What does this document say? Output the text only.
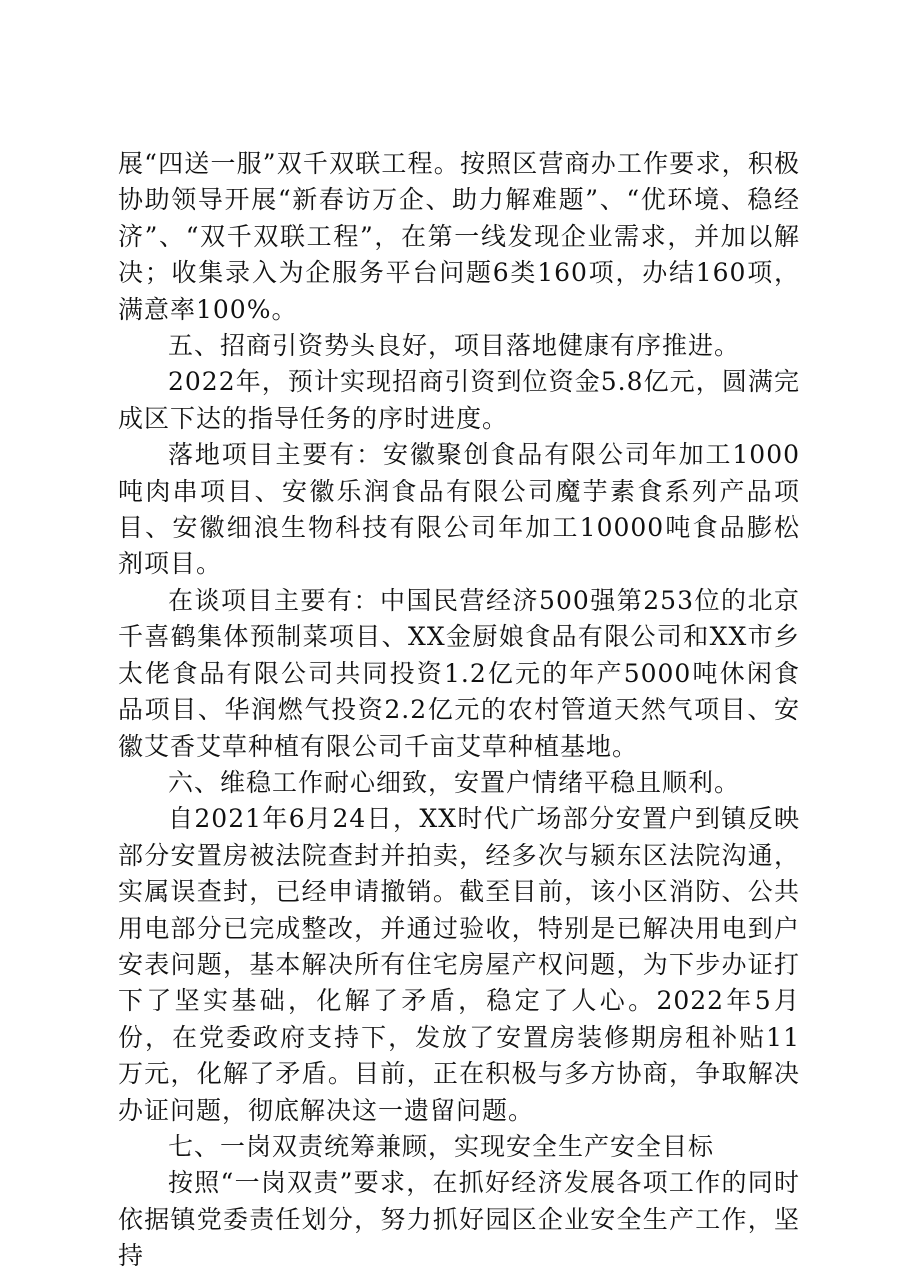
展“四送一服”双千双联工程。按照区营商办工作要求，积极协助领导开展“新春访万企、助力解难题”、“优环境、稳经济”、“双千双联工程”，在第一线发现企业需求，并加以解决；收集录入为企服务平台问题6类160项，办结160项，满意率100%。

五、招商引资势头良好，项目落地健康有序推进。

2022年，预计实现招商引资到位资金5.8亿元，圆满完成区下达的指导任务的序时进度。

落地项目主要有：安徽聚创食品有限公司年加工1000吨肉串项目、安徽乐润食品有限公司魔芋素食系列产品项目、安徽细浪生物科技有限公司年加工10000吨食品膨松剂项目。

在谈项目主要有：中国民营经济500强第253位的北京千喜鹤集体预制菜项目、XX金厨娘食品有限公司和XX市乡太佬食品有限公司共同投资1.2亿元的年产5000吨休闲食品项目、华润燃气投资2.2亿元的农村管道天然气项目、安徽艾香艾草种植有限公司千亩艾草种植基地。

六、维稳工作耐心细致，安置户情绪平稳且顺利。

自2021年6月24日，XX时代广场部分安置户到镇反映部分安置房被法院查封并拍卖，经多次与颍东区法院沟通，实属误查封，已经申请撤销。截至目前，该小区消防、公共用电部分已完成整改，并通过验收，特别是已解决用电到户安表问题，基本解决所有住宅房屋产权问题，为下步办证打下了坚实基础，化解了矛盾，稳定了人心。2022年5月份，在党委政府支持下，发放了安置房装修期房租补贴11万元，化解了矛盾。目前，正在积极与多方协商，争取解决办证问题，彻底解决这一遗留问题。

七、一岗双责统筹兼顾，实现安全生产安全目标

按照“一岗双责”要求，在抓好经济发展各项工作的同时依据镇党委责任划分，努力抓好园区企业安全生产工作，坚持
